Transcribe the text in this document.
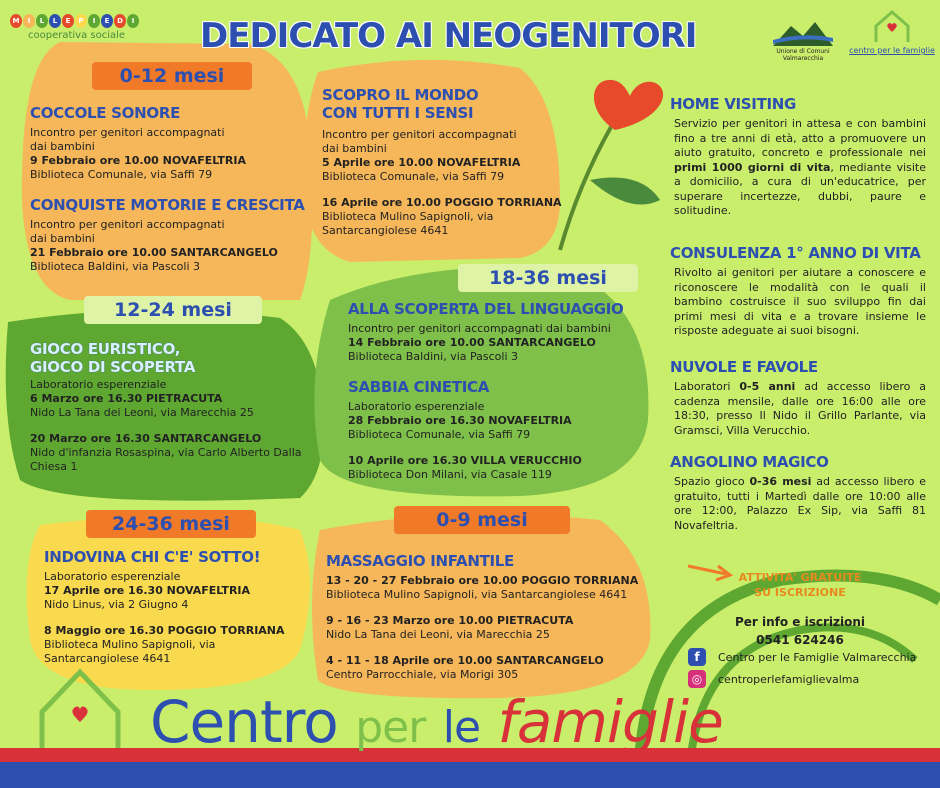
M	I	L	L	E	P	I	E	D	I
cooperativa sociale	DEDICATO AI NEOGENITORI	Unione di Comuni Valmarecchia
centro per le famiglie
0-12 mesi
12-24 mesi
24-36 mesi
18-36 mesi
0-9 mesi
COCCOLE SONORE
Incontro per genitori accompagnati
dai bambini
9 Febbraio ore 10.00 NOVAFELTRIA
Biblioteca Comunale, via Saffi 79
CONQUISTE MOTORIE E CRESCITA
Incontro per genitori accompagnati
dai bambini
21 Febbraio ore 10.00 SANTARCANGELO
Biblioteca Baldini, via Pascoli 3
SCOPRO IL MONDO
CON TUTTI I SENSI
Incontro per genitori accompagnati
dai bambini
5 Aprile ore 10.00 NOVAFELTRIA
Biblioteca Comunale, via Saffi 79
16 Aprile ore 10.00 POGGIO TORRIANA
Biblioteca Mulino Sapignoli, via
Santarcangiolese 4641
GIOCO EURISTICO,
GIOCO DI SCOPERTA
Laboratorio esperenziale
6 Marzo ore 16.30 PIETRACUTA
Nido La Tana dei Leoni, via Marecchia 25
20 Marzo ore 16.30 SANTARCANGELO
Nido d'infanzia Rosaspina, via Carlo Alberto Dalla
Chiesa 1
ALLA SCOPERTA DEL LINGUAGGIO
Incontro per genitori accompagnati dai bambini
14 Febbraio ore 10.00 SANTARCANGELO
Biblioteca Baldini, via Pascoli 3
SABBIA CINETICA
Laboratorio esperenziale
28 Febbraio ore 16.30 NOVAFELTRIA
Biblioteca Comunale, via Saffi 79
10 Aprile ore 16.30 VILLA VERUCCHIO
Biblioteca Don Milani, via Casale 119
INDOVINA CHI C'E' SOTTO!
Laboratorio esperenziale
17 Aprile ore 16.30 NOVAFELTRIA
Nido Linus, via 2 Giugno 4
8 Maggio ore 16.30 POGGIO TORRIANA
Biblioteca Mulino Sapignoli, via
Santarcangiolese 4641
MASSAGGIO INFANTILE
13 - 20 - 27 Febbraio ore 10.00 POGGIO TORRIANA
Biblioteca Mulino Sapignoli, via Santarcangiolese 4641
9 - 16 - 23 Marzo ore 10.00 PIETRACUTA
Nido La Tana dei Leoni, via Marecchia 25
4 - 11 - 18 Aprile ore 10.00 SANTARCANGELO
Centro Parrocchiale, via Morigi 305
HOME VISITING
Servizio per genitori in attesa e con bambini fino a tre anni di età, atto a promuovere un aiuto gratuito, concreto e professionale nei primi 1000 giorni di vita, mediante visite a domicilio, a cura di un'educatrice, per superare incertezze, dubbi, paure e solitudine.
CONSULENZA 1° ANNO DI VITA
Rivolto ai genitori per aiutare a conoscere e riconoscere le modalità con le quali il bambino costruisce il suo sviluppo fin dai primi mesi di vita e a trovare insieme le risposte adeguate ai suoi bisogni.
NUVOLE E FAVOLE
Laboratori 0-5 anni ad accesso libero a cadenza mensile, dalle ore 16:00 alle ore 18:30, presso Il Nido il Grillo Parlante, via Gramsci, Villa Verucchio.
ANGOLINO MAGICO
Spazio gioco 0-36 mesi ad accesso libero e gratuito, tutti i Martedì dalle ore 10:00 alle ore 12:00, Palazzo Ex Sip, via Saffi 81 Novafeltria.
ATTIVITA' GRATUITE
SU ISCRIZIONE
Per info e iscrizioni
0541 624246
f	Centro per le Famiglie Valmarecchia
◎	centroperlefamiglievalma
Centro per le famiglie
